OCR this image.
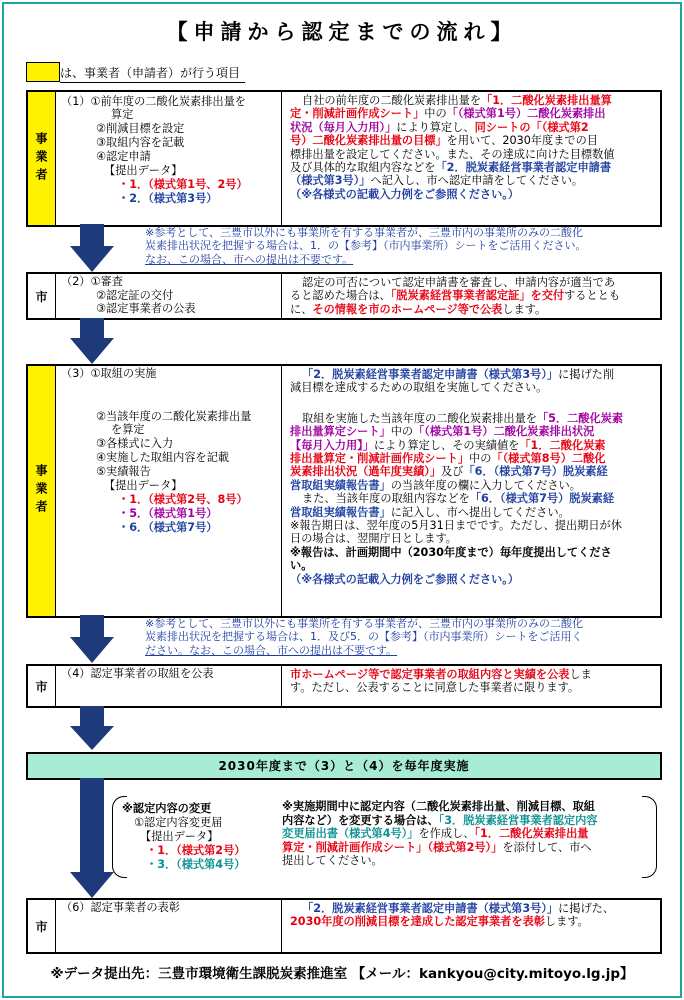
【申請から認定までの流れ】
は、事業者（申請者）が行う項目
事業者
（1）①前年度の二酸化炭素排出量を
算定
②削減目標を設定
③取組内容を記載
④認定申請
【提出データ】
・1．（様式第1号、2号）
・2．（様式第3号）
自社の前年度の二酸化炭素排出量を「1．二酸化炭素排出量算
定・削減計画作成シート」中の「（様式第1号）二酸化炭素排出
状況（毎月入力用）」により算定し、同シートの「（様式第2
号）二酸化炭素排出量の目標」を用いて、2030年度までの目
標排出量を設定してください。また、その達成に向けた目標数値
及び具体的な取組内容などを「2．脱炭素経営事業者認定申請書
（様式第3号）」へ記入し、市へ認定申請をしてください。
（※各様式の記載入力例をご参照ください。）
※参考として、三豊市以外にも事業所を有する事業者が、三豊市内の事業所のみの二酸化
炭素排出状況を把握する場合は、1．の【参考】（市内事業所）シートをご活用ください。
なお、この場合、市への提出は不要です。
市
（2）①審査
②認定証の交付
③認定事業者の公表
認定の可否について認定申請書を審査し、申請内容が適当であ
ると認めた場合は、「脱炭素経営事業者認定証」を交付するととも
に、その情報を市のホームページ等で公表します。
事業者
（3）①取組の実施
②当該年度の二酸化炭素排出量
を算定
③各様式に入力
④実施した取組内容を記載
⑤実績報告
【提出データ】
・1．（様式第2号、8号）
・5．（様式第1号）
・6．（様式第7号）
「2．脱炭素経営事業者認定申請書（様式第3号）」に掲げた削
減目標を達成するための取組を実施してください。
取組を実施した当該年度の二酸化炭素排出量を「5．二酸化炭素
排出量算定シート」中の「（様式第1号）二酸化炭素排出状況
【毎月入力用】」により算定し、その実績値を「1．二酸化炭素
排出量算定・削減計画作成シート」中の「（様式第8号）二酸化
炭素排出状況（過年度実績）」及び「6．（様式第7号）脱炭素経
営取組実績報告書」の当該年度の欄に入力してください。
また、当該年度の取組内容などを「6．（様式第7号）脱炭素経
営取組実績報告書」に記入し、市へ提出してください。
※報告期日は、翌年度の5月31日までです。ただし、提出期日が休
日の場合は、翌開庁日とします。
※報告は、計画期間中（2030年度まで）毎年度提出してくださ
い。
（※各様式の記載入力例をご参照ください。）
※参考として、三豊市以外にも事業所を有する事業者が、三豊市内の事業所のみの二酸化
炭素排出状況を把握する場合は、1．及び5．の【参考】（市内事業所）シートをご活用く
ださい。なお、この場合、市への提出は不要です。
市
（4）認定事業者の取組を公表	市ホームページ等で認定事業者の取組内容と実績を公表しま
す。ただし、公表することに同意した事業者に限ります。
2030年度まで（3）と（4）を毎年度実施
※認定内容の変更
①認定内容変更届
【提出データ】
・1．（様式第2号）
・3．（様式第4号）
※実施期間中に認定内容（二酸化炭素排出量、削減目標、取組
内容など）を変更する場合は、「3．脱炭素経営事業者認定内容
変更届出書（様式第4号）」を作成し、「1．二酸化炭素排出量
算定・削減計画作成シート」（様式第2号）」を添付して、市へ
提出してください。
市
（6）認定事業者の表彰	「2．脱炭素経営事業者認定申請書（様式第3号）」に掲げた、
2030年度の削減目標を達成した認定事業者を表彰します。
※データ提出先：三豊市環境衛生課脱炭素推進室 【メール：kankyou@city.mitoyo.lg.jp】
